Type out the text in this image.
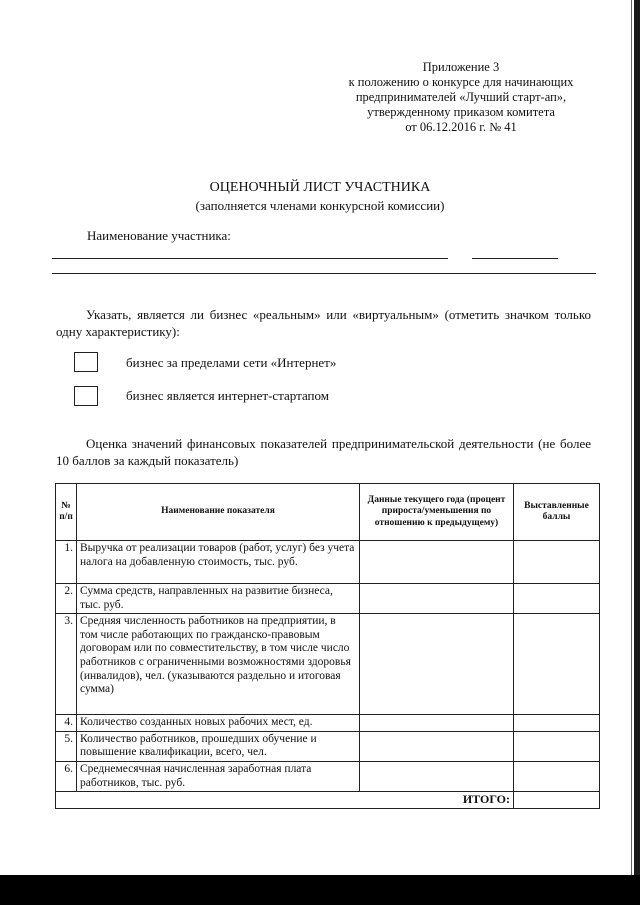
Приложение 3
к положению о конкурсе для начинающих
предпринимателей «Лучший старт-ап»,
утвержденному приказом комитета
от 06.12.2016 г. № 41
ОЦЕНОЧНЫЙ ЛИСТ УЧАСТНИКА
(заполняется членами конкурсной комиссии)
Наименование участника:
Указать, является ли бизнес «реальным» или «виртуальным» (отметить значком только одну характеристику):
бизнес за пределами сети «Интернет»
бизнес является интернет-стартапом
Оценка значений финансовых показателей предпринимательской деятельности (не более 10 баллов за каждый показатель)
№ п/п	Наименование показателя	Данные текущего года (процент прироста/уменьшения по отношению к предыдущему)	Выставленные баллы
1.	Выручка от реализации товаров (работ, услуг) без учета налога на добавленную стоимость, тыс. руб.		
2.	Сумма средств, направленных на развитие бизнеса, тыс. руб.		
3.	Средняя численность работников на предприятии, в том числе работающих по гражданско-правовым договорам или по совместительству, в том числе число работников с ограниченными возможностями здоровья (инвалидов), чел. (указываются раздельно и итоговая сумма)		
4.	Количество созданных новых рабочих мест, ед.		
5.	Количество работников, прошедших обучение и повышение квалификации, всего, чел.		
6.	Среднемесячная начисленная заработная плата работников, тыс. руб.		
ИТОГО:			
